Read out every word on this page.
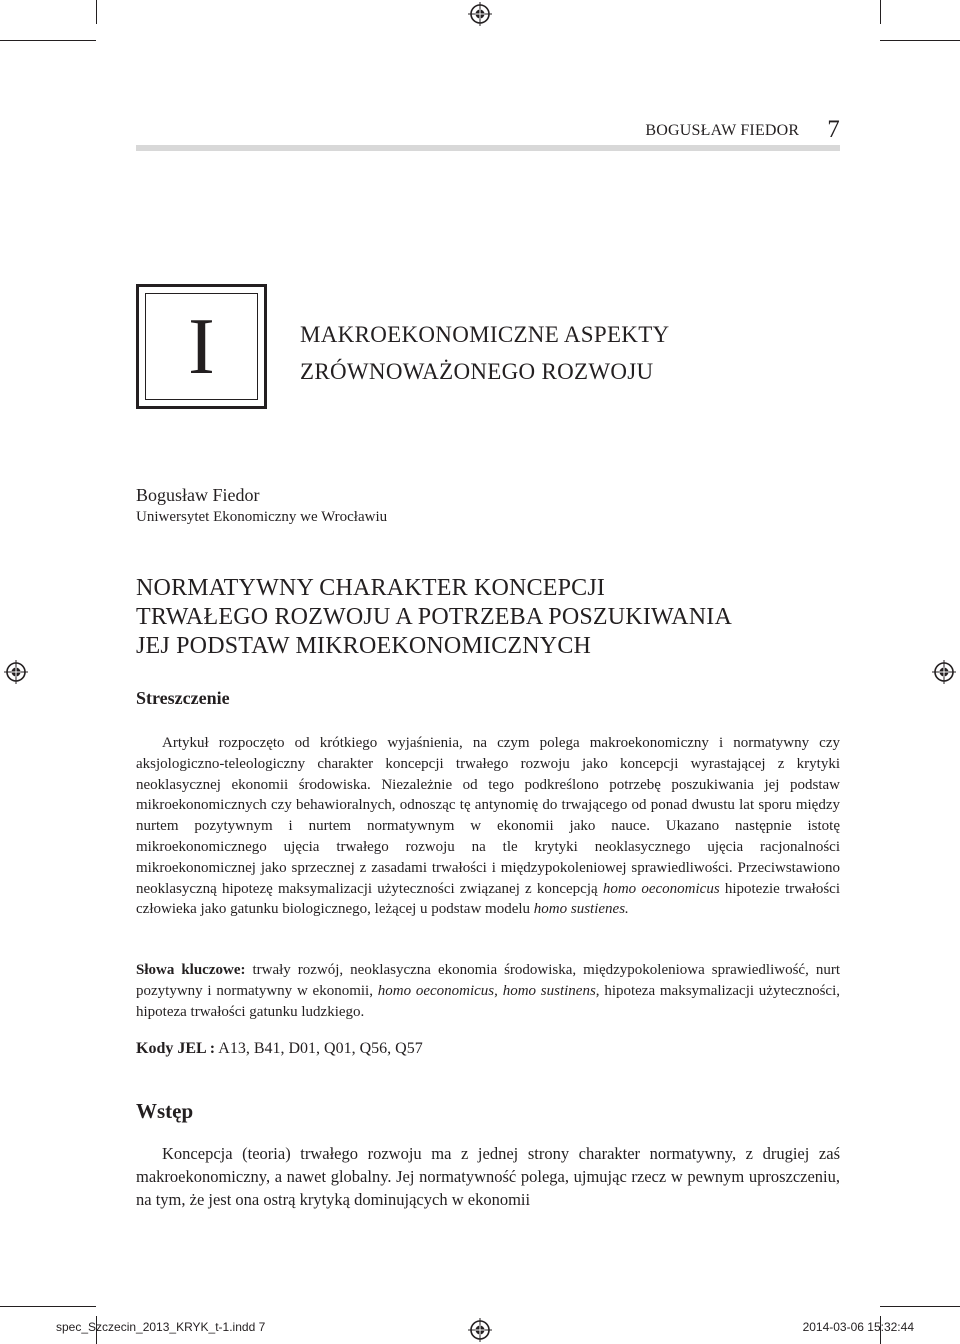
BOGUSŁAW FIEDOR 7
I	MAKROEKONOMICZNE ASPEKTY
ZRÓWNOWAŻONEGO ROZWOJU
Bogusław Fiedor
Uniwersytet Ekonomiczny we Wrocławiu
NORMATYWNY CHARAKTER KONCEPCJI
TRWAŁEGO ROZWOJU A POTRZEBA POSZUKIWANIA
JEJ PODSTAW MIKROEKONOMICZNYCH
Streszczenie
Artykuł rozpoczęto od krótkiego wyjaśnienia, na czym polega makroekonomiczny i normatywny czy aksjologiczno-teleologiczny charakter koncepcji trwałego rozwoju jako koncepcji wyrastającej z krytyki neoklasycznej ekonomii środowiska. Niezależnie od tego podkreślono potrzebę poszukiwania jej podstaw mikroekonomicznych czy behawioralnych, odnosząc tę antynomię do trwającego od ponad dwustu lat sporu między nurtem pozytywnym i nurtem normatywnym w ekonomii jako nauce. Ukazano następnie istotę mikroekonomicznego ujęcia trwałego rozwoju na tle krytyki neoklasycznego ujęcia racjonalności mikroekonomicznej jako sprzecznej z zasadami trwałości i międzypokoleniowej sprawiedliwości. Przeciwstawiono neoklasyczną hipotezę maksymalizacji użyteczności związanej z koncepcją homo oeconomicus hipotezie trwałości człowieka jako gatunku biologicznego, leżącej u podstaw modelu homo sustienes.
Słowa kluczowe: trwały rozwój, neoklasyczna ekonomia środowiska, międzypokoleniowa sprawiedliwość, nurt pozytywny i normatywny w ekonomii, homo oeconomicus, homo sustinens, hipoteza maksymalizacji użyteczności, hipoteza trwałości gatunku ludzkiego.
Kody JEL : A13, B41, D01, Q01, Q56, Q57
Wstęp
Koncepcja (teoria) trwałego rozwoju ma z jednej strony charakter normatywny, z drugiej zaś makroekonomiczny, a nawet globalny. Jej normatywność polega, ujmując rzecz w pewnym uproszczeniu, na tym, że jest ona ostrą krytyką dominujących w ekonomii
spec_Szczecin_2013_KRYK_t-1.indd 7	2014-03-06 15:32:44
